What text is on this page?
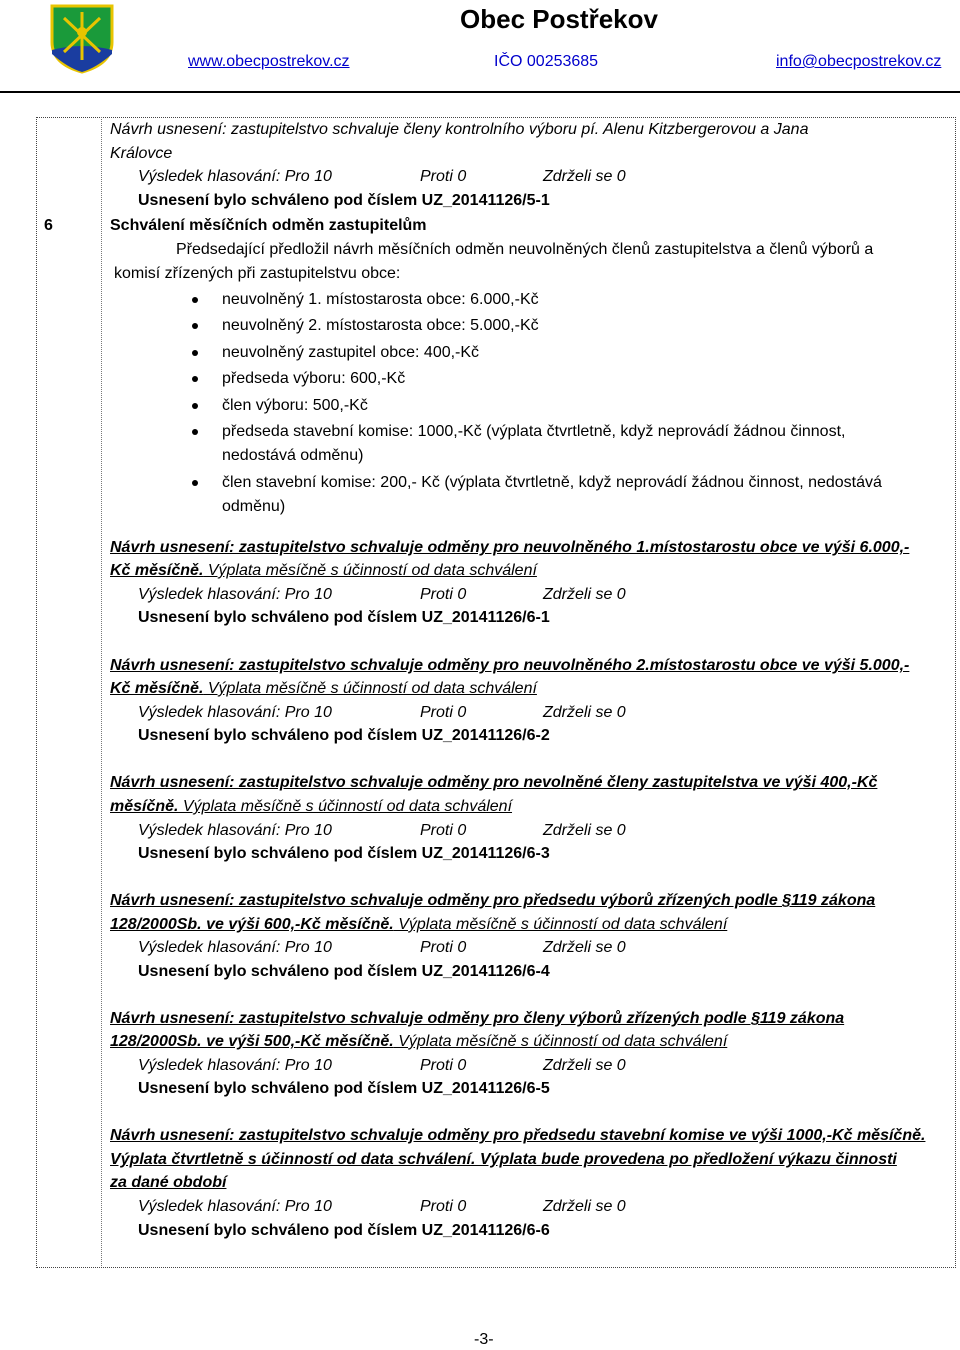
Obec Postřekov
www.obecpostrekov.cz	IČO 00253685	info@obecpostrekov.cz
Návrh usnesení: zastupitelstvo schvaluje členy kontrolního výboru pí. Alenu Kitzbergerovou a Jana
Královce
Výsledek hlasování: Pro 10	Proti 0	Zdrželi se 0
Usnesení bylo schváleno pod číslem UZ_20141126/5-1
6	Schválení měsíčních odměn zastupitelům
Předsedající předložil návrh měsíčních odměn neuvolněných členů zastupitelstva a členů výborů a
komisí zřízených při zastupitelstvu obce:
neuvolněný 1. místostarosta obce: 6.000,-Kč
neuvolněný 2. místostarosta obce: 5.000,-Kč
neuvolněný zastupitel obce: 400,-Kč
předseda výboru: 600,-Kč
člen výboru: 500,-Kč
předseda stavební komise: 1000,-Kč (výplata čtvrtletně, když neprovádí žádnou činnost,
nedostává odměnu)
člen stavební komise: 200,- Kč (výplata čtvrtletně, když neprovádí žádnou činnost, nedostává
odměnu)
Návrh usnesení: zastupitelstvo schvaluje odměny pro neuvolněného 1.místostarostu obce ve výši 6.000,-
Kč měsíčně. Výplata měsíčně s účinností od data schválení
Výsledek hlasování: Pro 10	Proti 0	Zdrželi se 0
Usnesení bylo schváleno pod číslem UZ_20141126/6-1
Návrh usnesení: zastupitelstvo schvaluje odměny pro neuvolněného 2.místostarostu obce ve výši 5.000,-
Kč měsíčně. Výplata měsíčně s účinností od data schválení
Výsledek hlasování: Pro 10	Proti 0	Zdrželi se 0
Usnesení bylo schváleno pod číslem UZ_20141126/6-2
Návrh usnesení: zastupitelstvo schvaluje odměny pro nevolněné členy zastupitelstva ve výši 400,-Kč
měsíčně. Výplata měsíčně s účinností od data schválení
Výsledek hlasování: Pro 10	Proti 0	Zdrželi se 0
Usnesení bylo schváleno pod číslem UZ_20141126/6-3
Návrh usnesení: zastupitelstvo schvaluje odměny pro předsedu výborů zřízených podle §119 zákona
128/2000Sb. ve výši 600,-Kč měsíčně. Výplata měsíčně s účinností od data schválení
Výsledek hlasování: Pro 10	Proti 0	Zdrželi se 0
Usnesení bylo schváleno pod číslem UZ_20141126/6-4
Návrh usnesení: zastupitelstvo schvaluje odměny pro členy výborů zřízených podle §119 zákona
128/2000Sb. ve výši 500,-Kč měsíčně. Výplata měsíčně s účinností od data schválení
Výsledek hlasování: Pro 10	Proti 0	Zdrželi se 0
Usnesení bylo schváleno pod číslem UZ_20141126/6-5
Návrh usnesení: zastupitelstvo schvaluje odměny pro předsedu stavební komise ve výši 1000,-Kč měsíčně.
Výplata čtvrtletně s účinností od data schválení. Výplata bude provedena po předložení výkazu činnosti
za dané období
Výsledek hlasování: Pro 10	Proti 0	Zdrželi se 0
Usnesení bylo schváleno pod číslem UZ_20141126/6-6
-3-
